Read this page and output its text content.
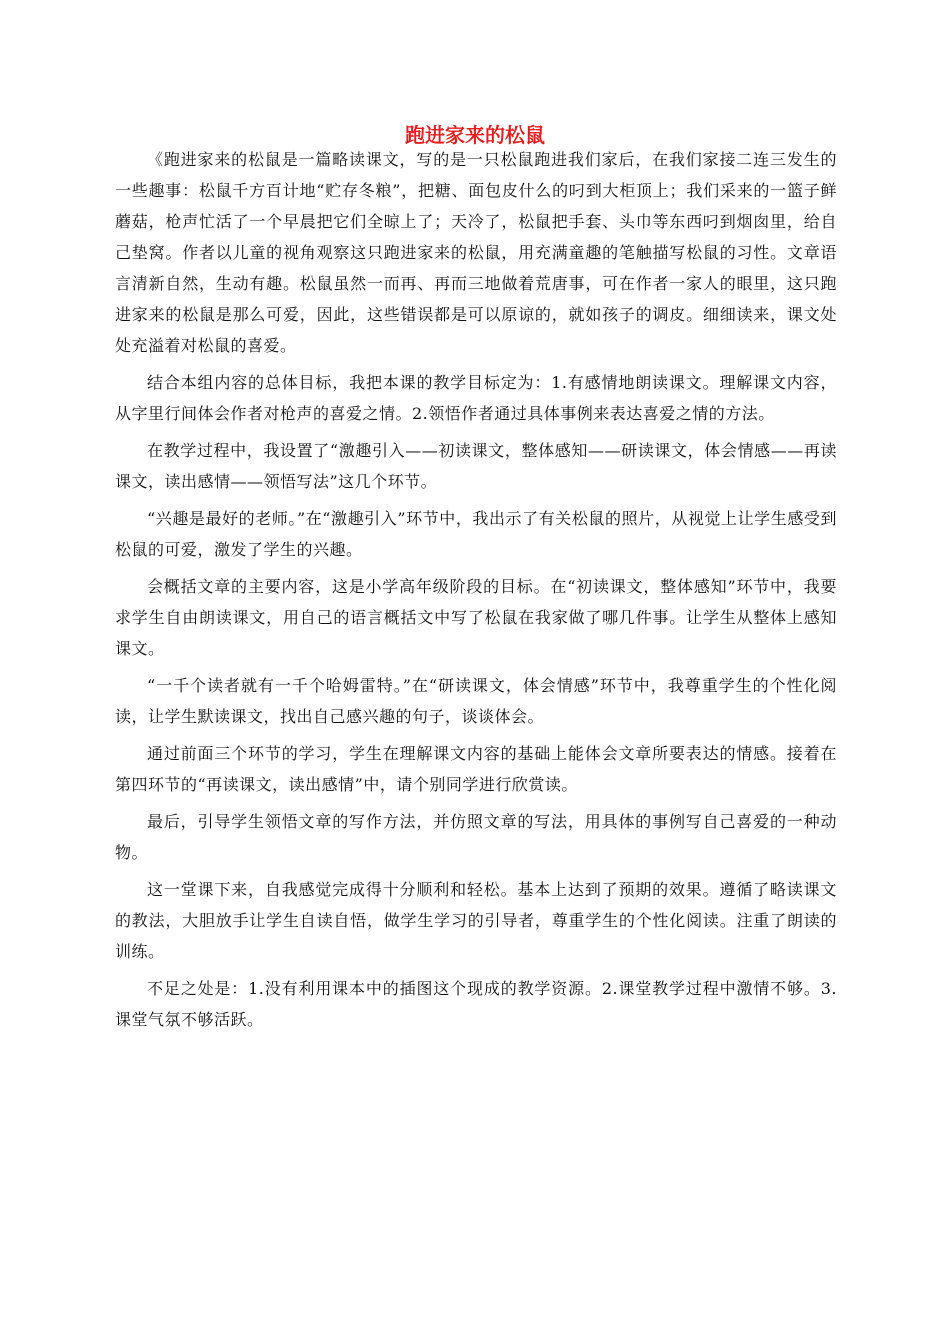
跑进家来的松鼠

《跑进家来的松鼠是一篇略读课文，写的是一只松鼠跑进我们家后，在我们家接二连三发生的一些趣事：松鼠千方百计地“贮存冬粮”，把糖、面包皮什么的叼到大柜顶上；我们采来的一篮子鲜蘑菇，枪声忙活了一个早晨把它们全晾上了；天冷了，松鼠把手套、头巾等东西叼到烟囱里，给自己垫窝。作者以儿童的视角观察这只跑进家来的松鼠，用充满童趣的笔触描写松鼠的习性。文章语言清新自然，生动有趣。松鼠虽然一而再、再而三地做着荒唐事，可在作者一家人的眼里，这只跑进家来的松鼠是那么可爱，因此，这些错误都是可以原谅的，就如孩子的调皮。细细读来，课文处处充溢着对松鼠的喜爱。

结合本组内容的总体目标，我把本课的教学目标定为：1.有感情地朗读课文。理解课文内容，从字里行间体会作者对枪声的喜爱之情。2.领悟作者通过具体事例来表达喜爱之情的方法。

在教学过程中，我设置了“激趣引入——初读课文，整体感知——研读课文，体会情感——再读课文，读出感情——领悟写法”这几个环节。

“兴趣是最好的老师。”在“激趣引入”环节中，我出示了有关松鼠的照片，从视觉上让学生感受到松鼠的可爱，激发了学生的兴趣。

会概括文章的主要内容，这是小学高年级阶段的目标。在“初读课文，整体感知”环节中，我要求学生自由朗读课文，用自己的语言概括文中写了松鼠在我家做了哪几件事。让学生从整体上感知课文。

“一千个读者就有一千个哈姆雷特。”在“研读课文，体会情感”环节中，我尊重学生的个性化阅读，让学生默读课文，找出自己感兴趣的句子，谈谈体会。

通过前面三个环节的学习，学生在理解课文内容的基础上能体会文章所要表达的情感。接着在第四环节的“再读课文，读出感情”中，请个别同学进行欣赏读。

最后，引导学生领悟文章的写作方法，并仿照文章的写法，用具体的事例写自己喜爱的一种动物。

这一堂课下来，自我感觉完成得十分顺利和轻松。基本上达到了预期的效果。遵循了略读课文的教法，大胆放手让学生自读自悟，做学生学习的引导者，尊重学生的个性化阅读。注重了朗读的训练。

不足之处是：1.没有利用课本中的插图这个现成的教学资源。2.课堂教学过程中激情不够。3.课堂气氛不够活跃。
